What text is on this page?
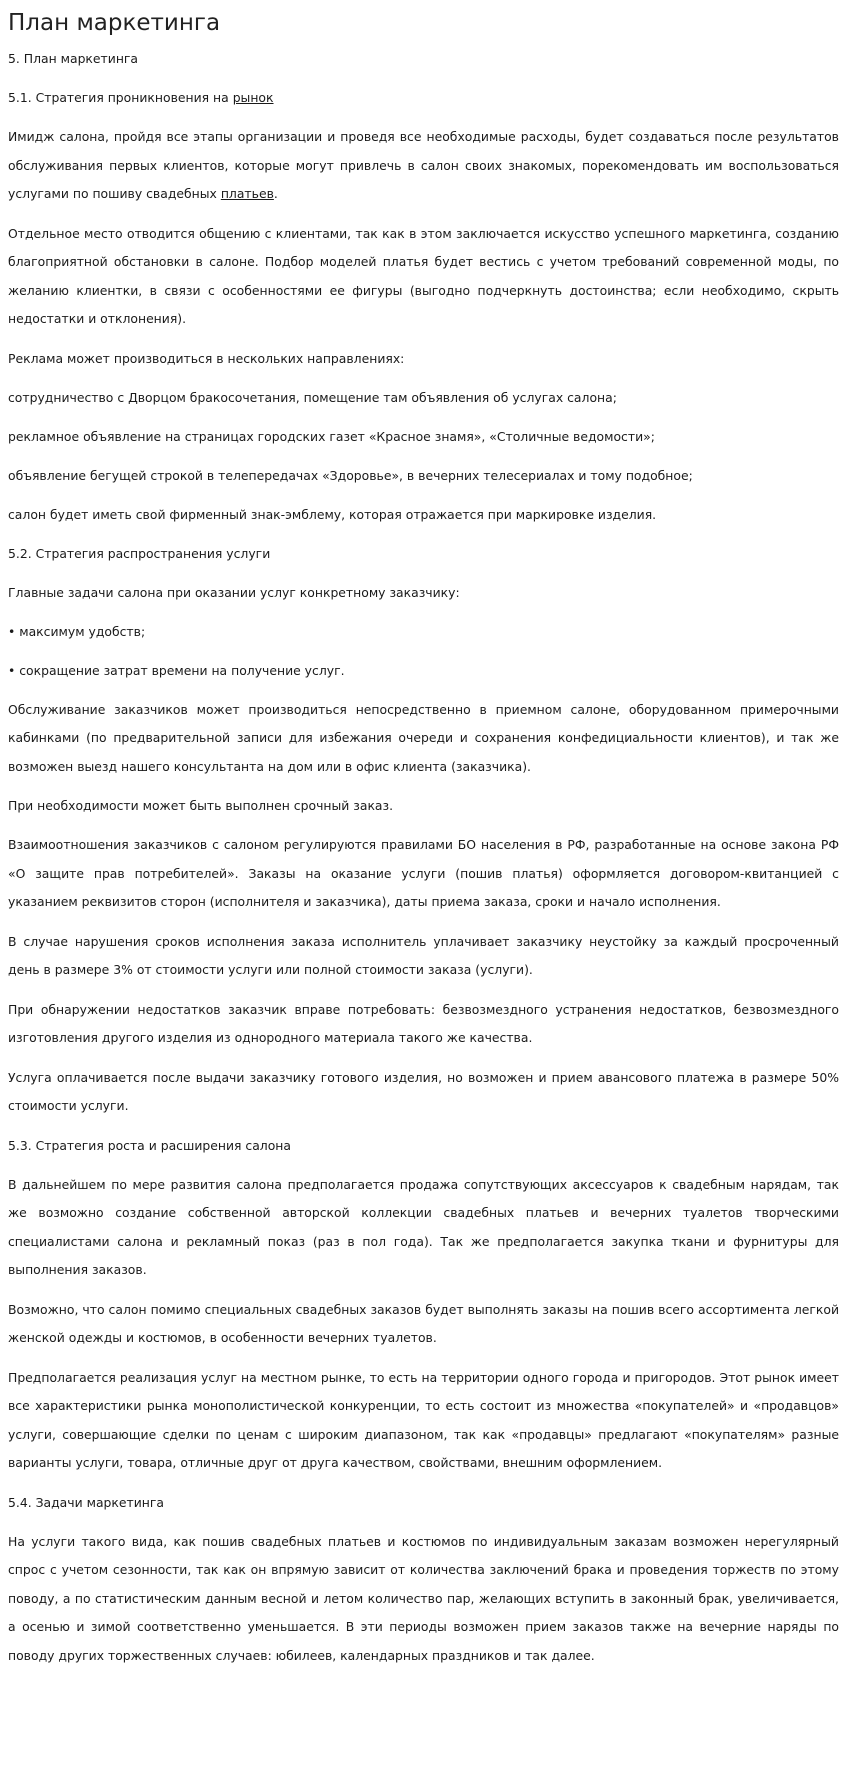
План маркетинга

5. План маркетинга

5.1. Стратегия проникновения на рынок

Имидж салона, пройдя все этапы организации и проведя все необходимые расходы, будет создаваться после результатов обслуживания первых клиентов, которые могут привлечь в салон своих знакомых, порекомендовать им воспользоваться услугами по пошиву свадебных платьев.

Отдельное место отводится общению с клиентами, так как в этом заключается искусство успешного маркетинга, созданию благоприятной обстановки в салоне. Подбор моделей платья будет вестись с учетом требований современной моды, по желанию клиентки, в связи с особенностями ее фигуры (выгодно подчеркнуть достоинства; если необходимо, скрыть недостатки и отклонения).

Реклама может производиться в нескольких направлениях:

сотрудничество с Дворцом бракосочетания, помещение там объявления об услугах салона;

рекламное объявление на страницах городских газет «Красное знамя», «Столичные ведомости»;

объявление бегущей строкой в телепередачах «Здоровье», в вечерних телесериалах и тому подобное;

салон будет иметь свой фирменный знак-эмблему, которая отражается при маркировке изделия.

5.2. Стратегия распространения услуги

Главные задачи салона при оказании услуг конкретному заказчику:

• максимум удобств;

• сокращение затрат времени на получение услуг.

Обслуживание заказчиков может производиться непосредственно в приемном салоне, оборудованном примерочными кабинками (по предварительной записи для избежания очереди и сохранения конфедициальности клиентов), и так же возможен выезд нашего консультанта на дом или в офис клиента (заказчика).

При необходимости может быть выполнен срочный заказ.

Взаимоотношения заказчиков с салоном регулируются правилами БО населения в РФ, разработанные на основе закона РФ «О защите прав потребителей». Заказы на оказание услуги (пошив платья) оформляется договором-квитанцией с указанием реквизитов сторон (исполнителя и заказчика), даты приема заказа, сроки и начало исполнения.

В случае нарушения сроков исполнения заказа исполнитель уплачивает заказчику неустойку за каждый просроченный день в размере 3% от стоимости услуги или полной стоимости заказа (услуги).

При обнаружении недостатков заказчик вправе потребовать: безвозмездного устранения недостатков, безвозмездного изготовления другого изделия из однородного материала такого же качества.

Услуга оплачивается после выдачи заказчику готового изделия, но возможен и прием авансового платежа в размере 50% стоимости услуги.

5.3. Стратегия роста и расширения салона

В дальнейшем по мере развития салона предполагается продажа сопутствующих аксессуаров к свадебным нарядам, так же возможно создание собственной авторской коллекции свадебных платьев и вечерних туалетов творческими специалистами салона и рекламный показ (раз в пол года). Так же предполагается закупка ткани и фурнитуры для выполнения заказов.

Возможно, что салон помимо специальных свадебных заказов будет выполнять заказы на пошив всего ассортимента легкой женской одежды и костюмов, в особенности вечерних туалетов.

Предполагается реализация услуг на местном рынке, то есть на территории одного города и пригородов. Этот рынок имеет все характеристики рынка монополистической конкуренции, то есть состоит из множества «покупателей» и «продавцов» услуги, совершающие сделки по ценам с широким диапазоном, так как «продавцы» предлагают «покупателям» разные варианты услуги, товара, отличные друг от друга качеством, свойствами, внешним оформлением.

5.4. Задачи маркетинга

На услуги такого вида, как пошив свадебных платьев и костюмов по индивидуальным заказам возможен нерегулярный спрос с учетом сезонности, так как он впрямую зависит от количества заключений брака и проведения торжеств по этому поводу, а по статистическим данным весной и летом количество пар, желающих вступить в законный брак, увеличивается, а осенью и зимой соответственно уменьшается. В эти периоды возможен прием заказов также на вечерние наряды по поводу других торжественных случаев: юбилеев, календарных праздников и так далее.
